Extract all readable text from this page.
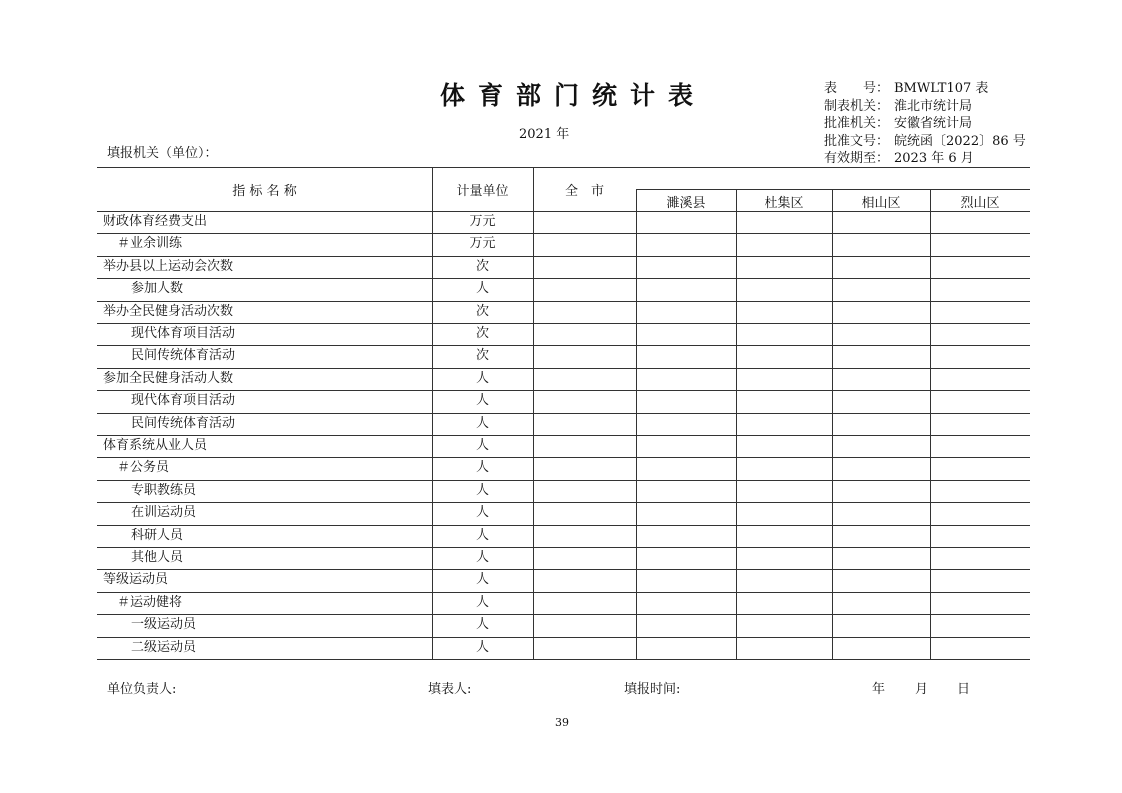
体育部门统计表
2021 年
填报机关（单位）：
表　　号： BMWLT107 表
制表机关： 淮北市统计局
批准机关： 安徽省统计局
批准文号： 皖统函〔2022〕86 号
有效期至： 2023 年 6 月
指 标 名 称	计量单位	全　市
濉溪县	杜集区	相山区	烈山区
财政体育经费支出	万元
＃业余训练	万元
举办县以上运动会次数	次
参加人数	人
举办全民健身活动次数	次
现代体育项目活动	次
民间传统体育活动	次
参加全民健身活动人数	人
现代体育项目活动	人
民间传统体育活动	人
体育系统从业人员	人
＃公务员	人
专职教练员	人
在训运动员	人
科研人员	人
其他人员	人
等级运动员	人
＃运动健将	人
一级运动员	人
二级运动员	人
单位负责人:	填表人:	填报时间:	年 月 日
39
